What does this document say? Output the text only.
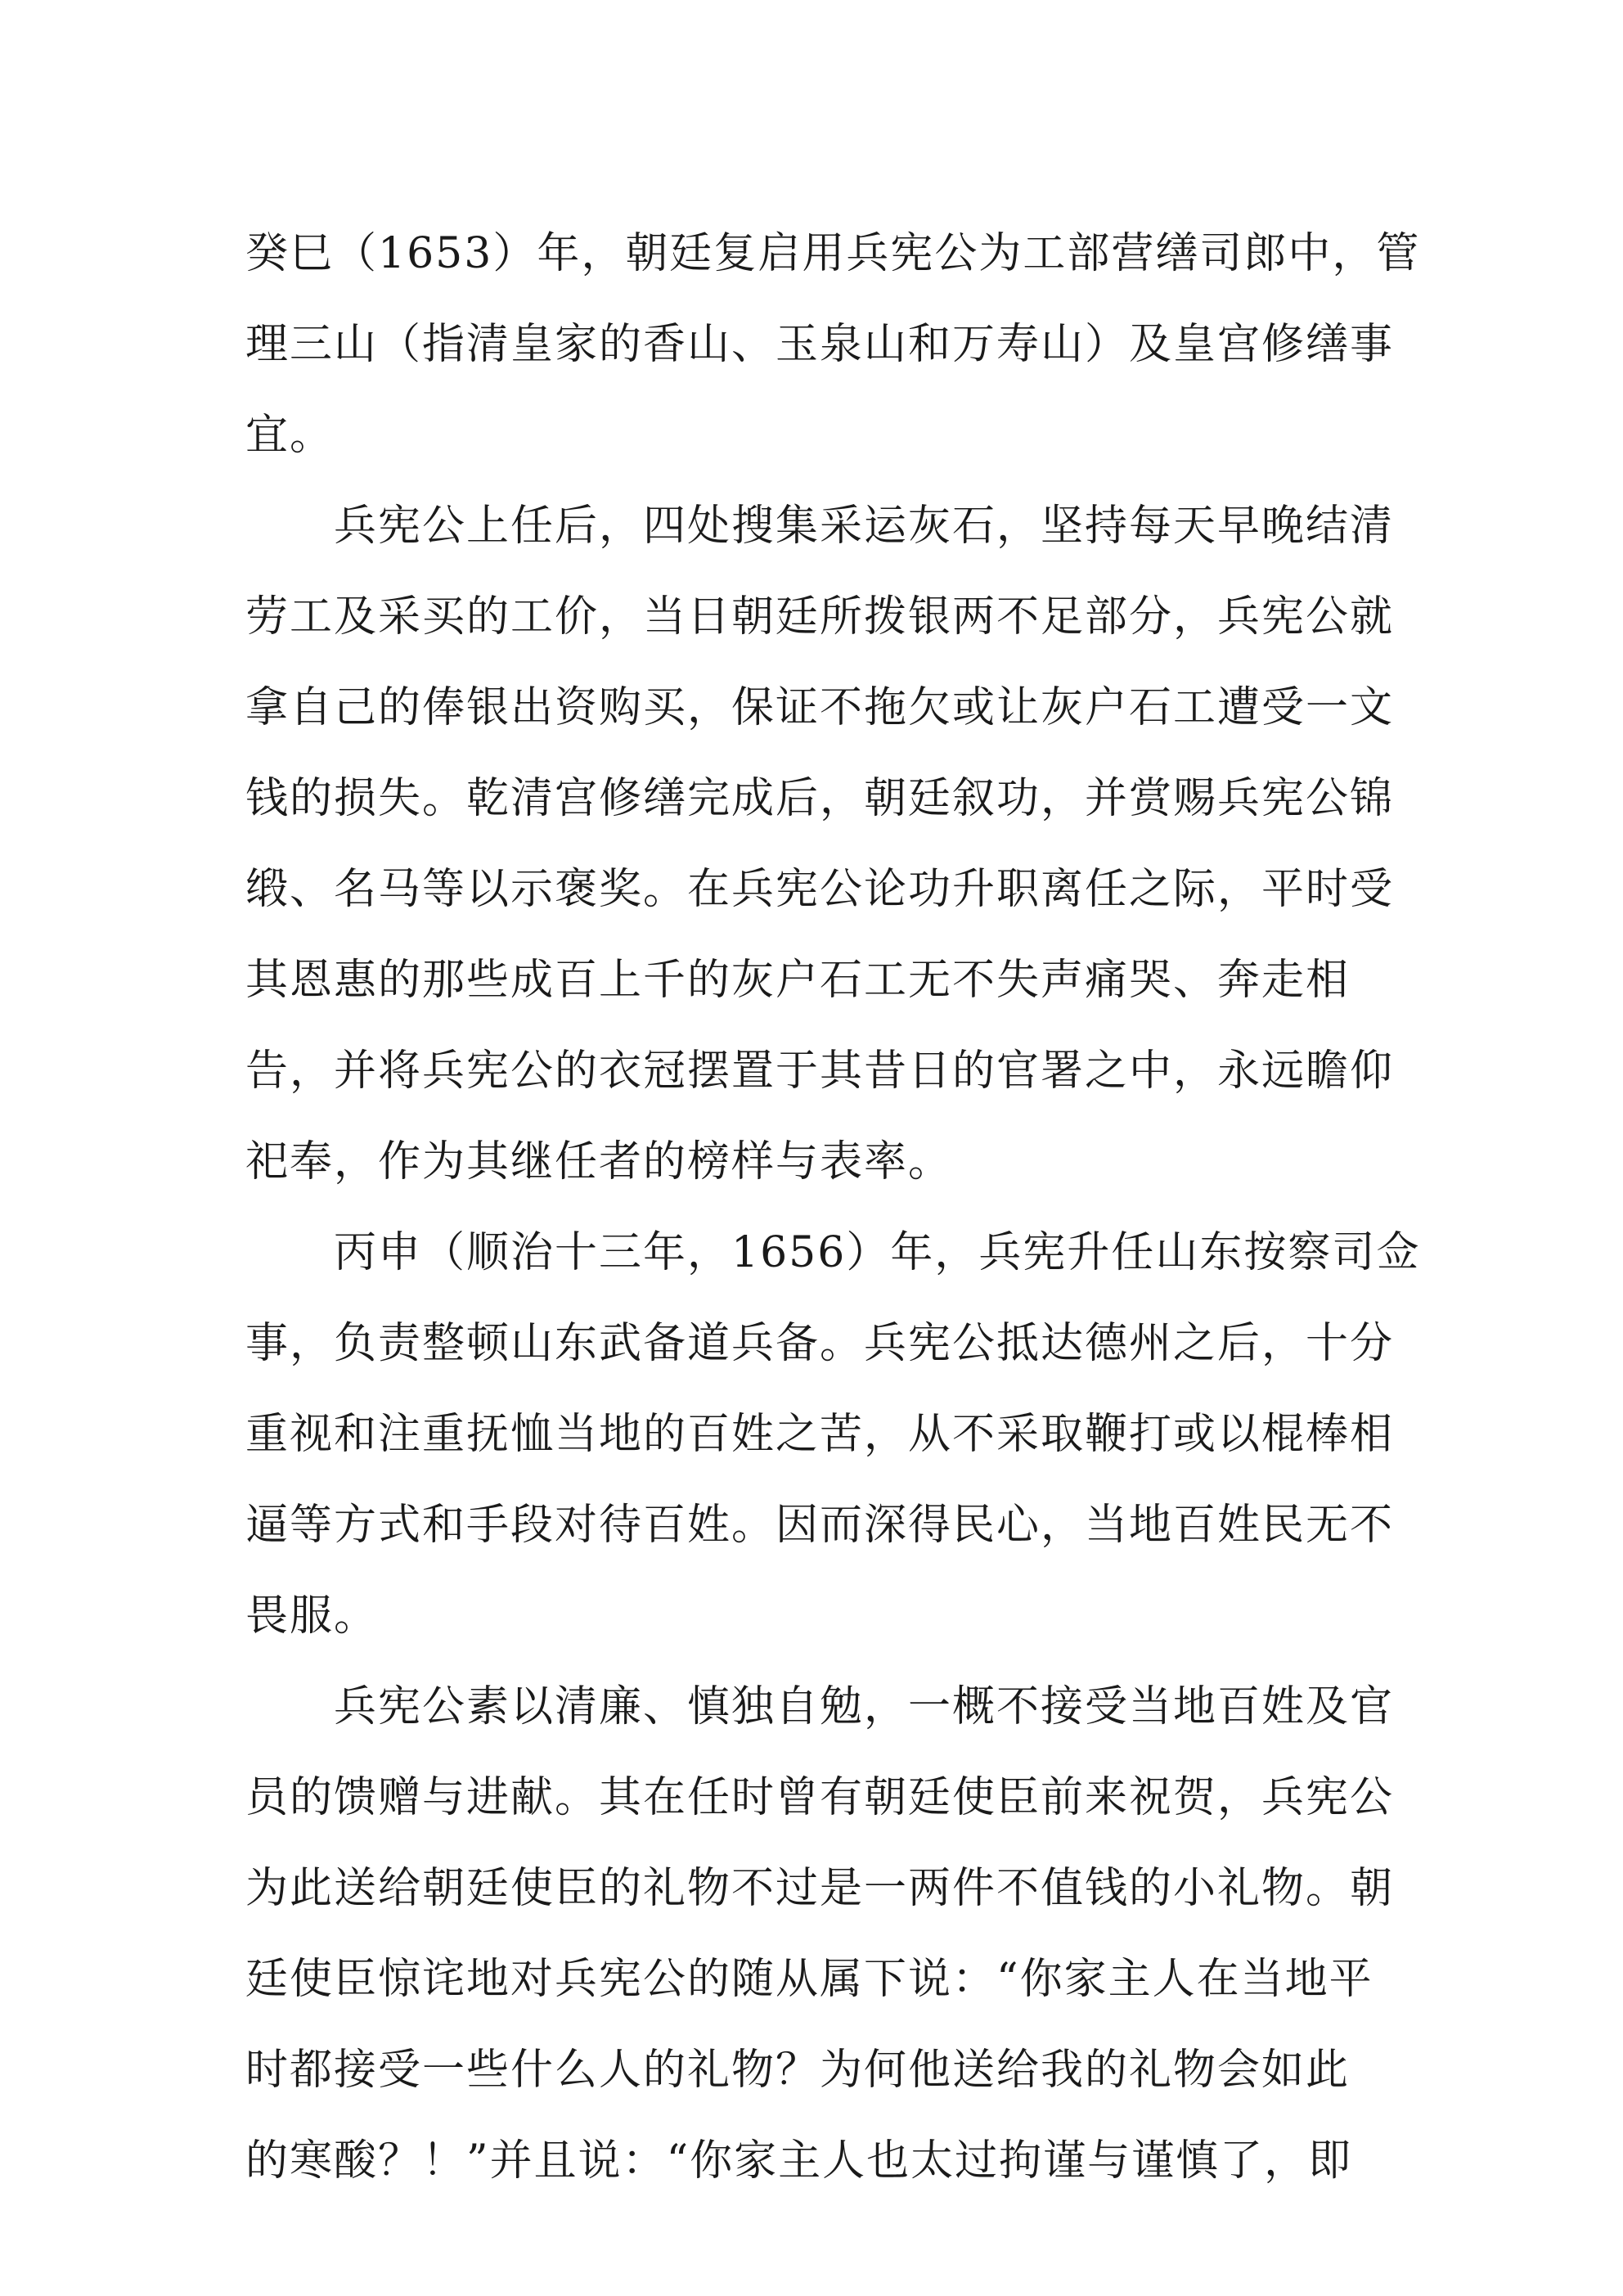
癸巳（1653）年，朝廷复启用兵宪公为工部营缮司郎中，管
理三山（指清皇家的香山、玉泉山和万寿山）及皇宫修缮事
宜。
兵宪公上任后，四处搜集采运灰石，坚持每天早晚结清
劳工及采买的工价，当日朝廷所拨银两不足部分，兵宪公就
拿自己的俸银出资购买，保证不拖欠或让灰户石工遭受一文
钱的损失。乾清宫修缮完成后，朝廷叙功，并赏赐兵宪公锦
缎、名马等以示褒奖。在兵宪公论功升职离任之际，平时受
其恩惠的那些成百上千的灰户石工无不失声痛哭、奔走相
告，并将兵宪公的衣冠摆置于其昔日的官署之中，永远瞻仰
祀奉，作为其继任者的榜样与表率。
丙申（顺治十三年，1656）年，兵宪升任山东按察司佥
事，负责整顿山东武备道兵备。兵宪公抵达德州之后，十分
重视和注重抚恤当地的百姓之苦，从不采取鞭打或以棍棒相
逼等方式和手段对待百姓。因而深得民心，当地百姓民无不
畏服。
兵宪公素以清廉、慎独自勉，一概不接受当地百姓及官
员的馈赠与进献。其在任时曾有朝廷使臣前来祝贺，兵宪公
为此送给朝廷使臣的礼物不过是一两件不值钱的小礼物。朝
廷使臣惊诧地对兵宪公的随从属下说：“你家主人在当地平
时都接受一些什么人的礼物？为何他送给我的礼物会如此
的寒酸？！”并且说：“你家主人也太过拘谨与谨慎了，即
